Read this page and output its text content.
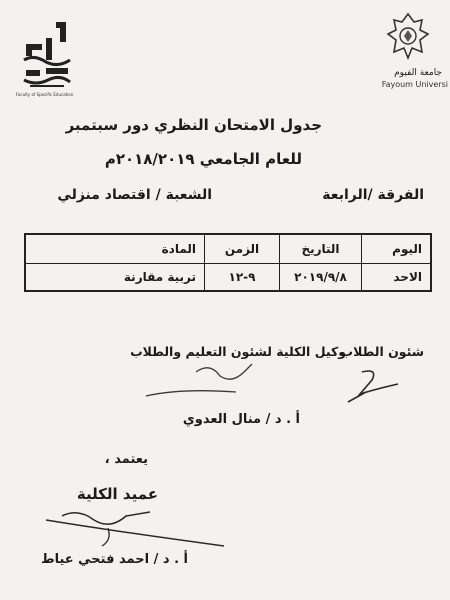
جامعة الفيوم
Fayoum Universi
Faculty of Specific Education
جدول الامتحان النظري دور سبتمبر
للعام الجامعي ٢٠١٨/٢٠١٩م
الفرقة /الرابعة
الشعبة / اقتصاد منزلي
اليوم	التاريخ	الزمن	المادة
الاحد	٢٠١٩/٩/٨	٩-١٢	تربية مقارنة
شئون الطلاب
وكيل الكلية لشئون التعليم والطلاب
أ . د / منال العدوي
يعتمد ،
عميد الكلية
أ . د / احمد فتحي عياط
